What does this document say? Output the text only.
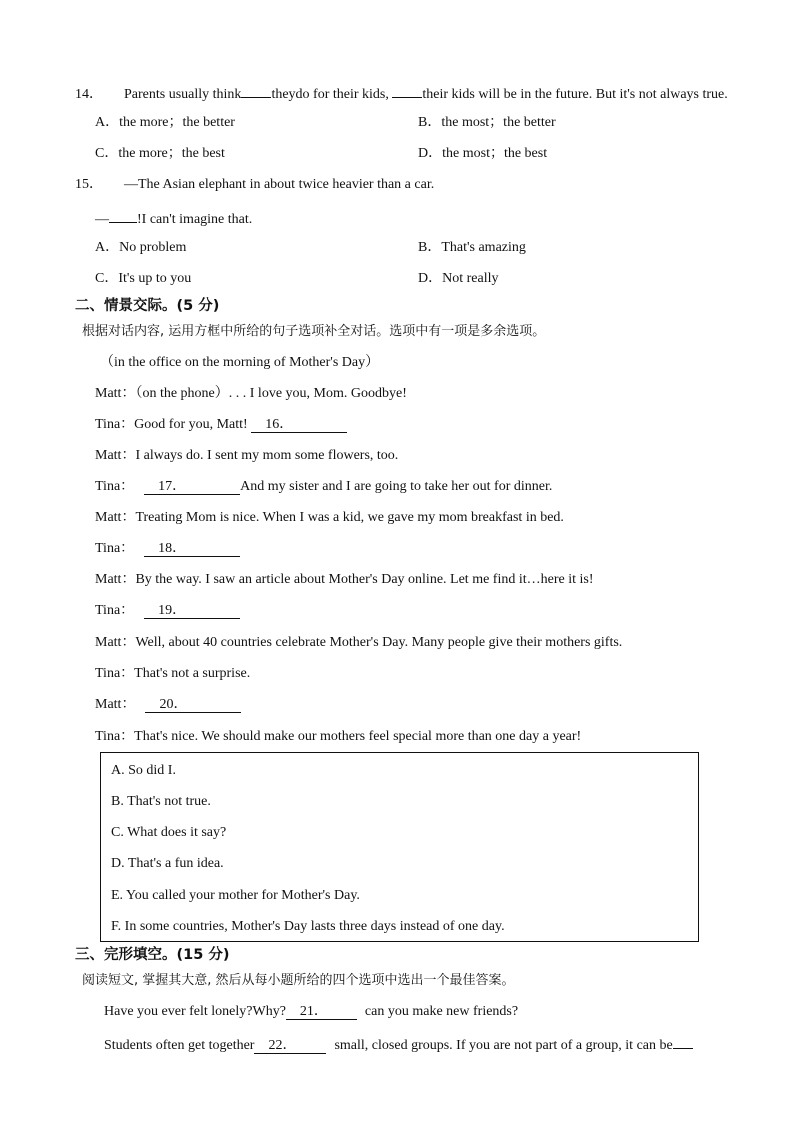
14． Parents usually think theydo for their kids, their kids will be in the future. But it's not always true.
A．the more；the better	B．the most；the better
C．the more；the best	D．the most；the best
15． —The Asian elephant in about twice heavier than a car.
— !I can't imagine that.
A．No problem	B．That's amazing
C．It's up to you	D．Not really
二、情景交际。(5 分)
根据对话内容, 运用方框中所给的句子选项补全对话。选项中有一项是多余选项。
（in the office on the morning of Mother's Day）
Matt：（on the phone）. . . I love you, Mom. Goodbye!
Tina：Good for you, Matt! 16．
Matt：I always do. I sent my mom some flowers, too.
Tina： 17．	And my sister and I are going to take her out for dinner.
Matt：Treating Mom is nice. When I was a kid, we gave my mom breakfast in bed.
Tina： 18．
Matt：By the way. I saw an article about Mother's Day online. Let me find it…here it is!
Tina： 19．
Matt：Well, about 40 countries celebrate Mother's Day. Many people give their mothers gifts.
Tina：That's not a surprise.
Matt： 20．
Tina：That's nice. We should make our mothers feel special more than one day a year!
A. So did I.
B. That's not true.
C. What does it say?
D. That's a fun idea.
E. You called your mother for Mother's Day.
F. In some countries, Mother's Day lasts three days instead of one day.
三、完形填空。(15 分)
阅读短文, 掌握其大意, 然后从每小题所给的四个选项中选出一个最佳答案。
Have you ever felt lonely?Why? 21．	can you make new friends?
Students often get together 22．	small, closed groups. If you are not part of a group, it can be
